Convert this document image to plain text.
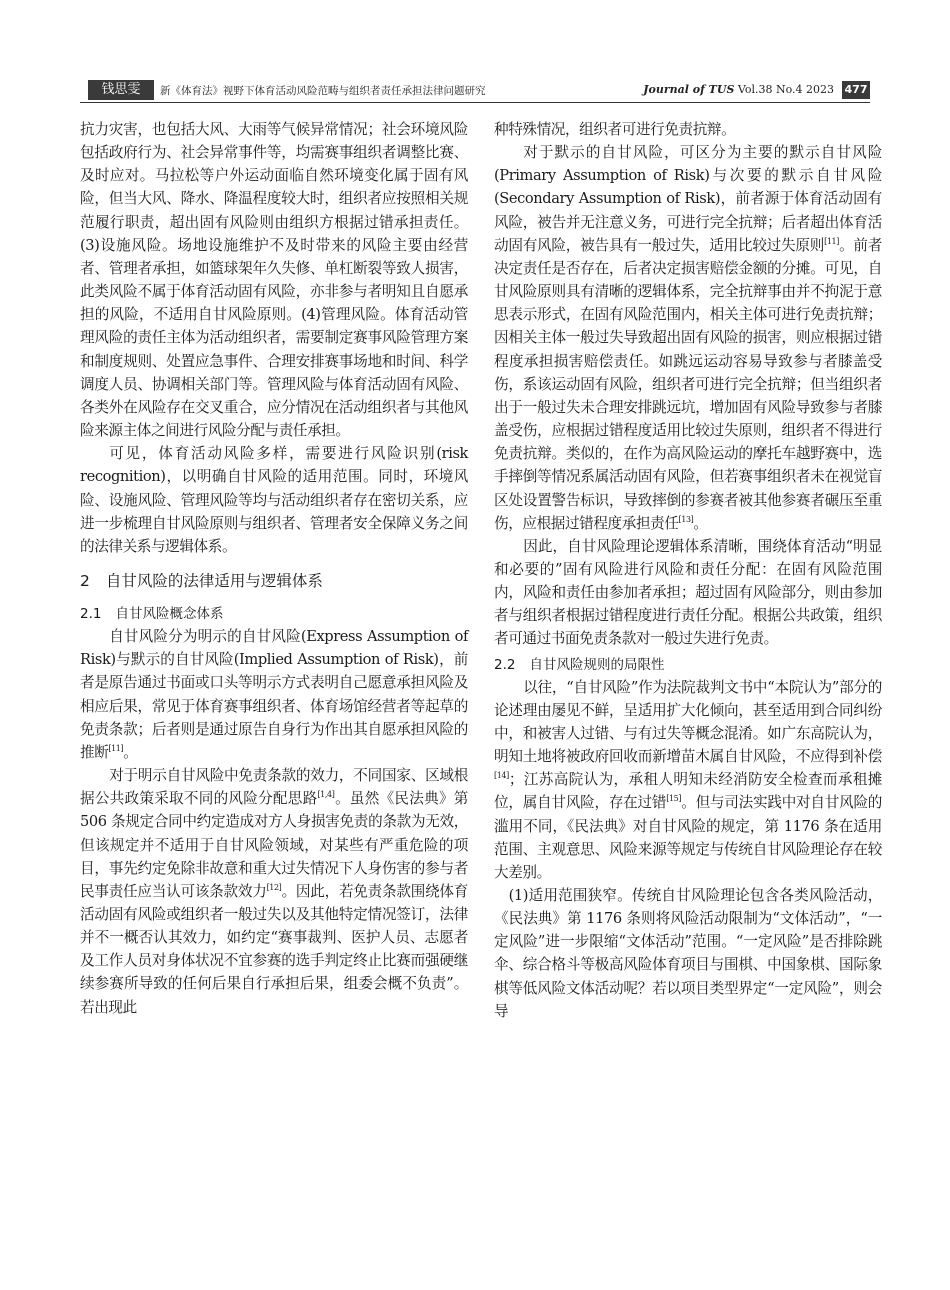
钱思雯	新《体育法》视野下体育活动风险范畴与组织者责任承担法律问题研究	Journal of TUS Vol.38 No.4 2023 477

抗力灾害，也包括大风、大雨等气候异常情况；社会环境风险包括政府行为、社会异常事件等，均需赛事组织者调整比赛、及时应对。马拉松等户外运动面临自然环境变化属于固有风险，但当大风、降水、降温程度较大时，组织者应按照相关规范履行职责，超出固有风险则由组织方根据过错承担责任。(3)设施风险。场地设施维护不及时带来的风险主要由经营者、管理者承担，如篮球架年久失修、单杠断裂等致人损害，此类风险不属于体育活动固有风险，亦非参与者明知且自愿承担的风险，不适用自甘风险原则。(4)管理风险。体育活动管理风险的责任主体为活动组织者，需要制定赛事风险管理方案和制度规则、处置应急事件、合理安排赛事场地和时间、科学调度人员、协调相关部门等。管理风险与体育活动固有风险、各类外在风险存在交叉重合，应分情况在活动组织者与其他风险来源主体之间进行风险分配与责任承担。

可见，体育活动风险多样，需要进行风险识别(risk recognition)，以明确自甘风险的适用范围。同时，环境风险、设施风险、管理风险等均与活动组织者存在密切关系，应进一步梳理自甘风险原则与组织者、管理者安全保障义务之间的法律关系与逻辑体系。

2 自甘风险的法律适用与逻辑体系
2.1 自甘风险概念体系

自甘风险分为明示的自甘风险(Express Assumption of Risk)与默示的自甘风险(Implied Assumption of Risk)，前者是原告通过书面或口头等明示方式表明自己愿意承担风险及相应后果，常见于体育赛事组织者、体育场馆经营者等起草的免责条款；后者则是通过原告自身行为作出其自愿承担风险的推断[11]。

对于明示自甘风险中免责条款的效力，不同国家、区域根据公共政策采取不同的风险分配思路[1,4]。虽然《民法典》第 506 条规定合同中约定造成对方人身损害免责的条款为无效，但该规定并不适用于自甘风险领域，对某些有严重危险的项目，事先约定免除非故意和重大过失情况下人身伤害的参与者民事责任应当认可该条款效力[12]。因此，若免责条款围绕体育活动固有风险或组织者一般过失以及其他特定情况签订，法律并不一概否认其效力，如约定“赛事裁判、医护人员、志愿者及工作人员对身体状况不宜参赛的选手判定终止比赛而强硬继续参赛所导致的任何后果自行承担后果，组委会概不负责”。若出现此

种特殊情况，组织者可进行免责抗辩。

对于默示的自甘风险，可区分为主要的默示自甘风险(Primary Assumption of Risk)与次要的默示自甘风险(Secondary Assumption of Risk)，前者源于体育活动固有风险，被告并无注意义务，可进行完全抗辩；后者超出体育活动固有风险，被告具有一般过失，适用比较过失原则[11]。前者决定责任是否存在，后者决定损害赔偿金额的分摊。可见，自甘风险原则具有清晰的逻辑体系，完全抗辩事由并不拘泥于意思表示形式，在固有风险范围内，相关主体可进行免责抗辩；因相关主体一般过失导致超出固有风险的损害，则应根据过错程度承担损害赔偿责任。如跳远运动容易导致参与者膝盖受伤，系该运动固有风险，组织者可进行完全抗辩；但当组织者出于一般过失未合理安排跳远坑，增加固有风险导致参与者膝盖受伤，应根据过错程度适用比较过失原则，组织者不得进行免责抗辩。类似的，在作为高风险运动的摩托车越野赛中，选手摔倒等情况系属活动固有风险，但若赛事组织者未在视觉盲区处设置警告标识，导致摔倒的参赛者被其他参赛者碾压至重伤，应根据过错程度承担责任[13]。

因此，自甘风险理论逻辑体系清晰，围绕体育活动“明显和必要的”固有风险进行风险和责任分配：在固有风险范围内，风险和责任由参加者承担；超过固有风险部分，则由参加者与组织者根据过错程度进行责任分配。根据公共政策，组织者可通过书面免责条款对一般过失进行免责。

2.2 自甘风险规则的局限性

以往，“自甘风险”作为法院裁判文书中“本院认为”部分的论述理由屡见不鲜，呈适用扩大化倾向，甚至适用到合同纠纷中，和被害人过错、与有过失等概念混淆。如广东高院认为，明知土地将被政府回收而新增苗木属自甘风险，不应得到补偿[14]；江苏高院认为，承租人明知未经消防安全检查而承租摊位，属自甘风险，存在过错[15]。但与司法实践中对自甘风险的滥用不同，《民法典》对自甘风险的规定，第 1176 条在适用范围、主观意思、风险来源等规定与传统自甘风险理论存在较大差别。

(1)适用范围狭窄。传统自甘风险理论包含各类风险活动，《民法典》第 1176 条则将风险活动限制为“文体活动”，“一定风险”进一步限缩“文体活动”范围。“一定风险”是否排除跳伞、综合格斗等极高风险体育项目与围棋、中国象棋、国际象棋等低风险文体活动呢？若以项目类型界定“一定风险”，则会导
